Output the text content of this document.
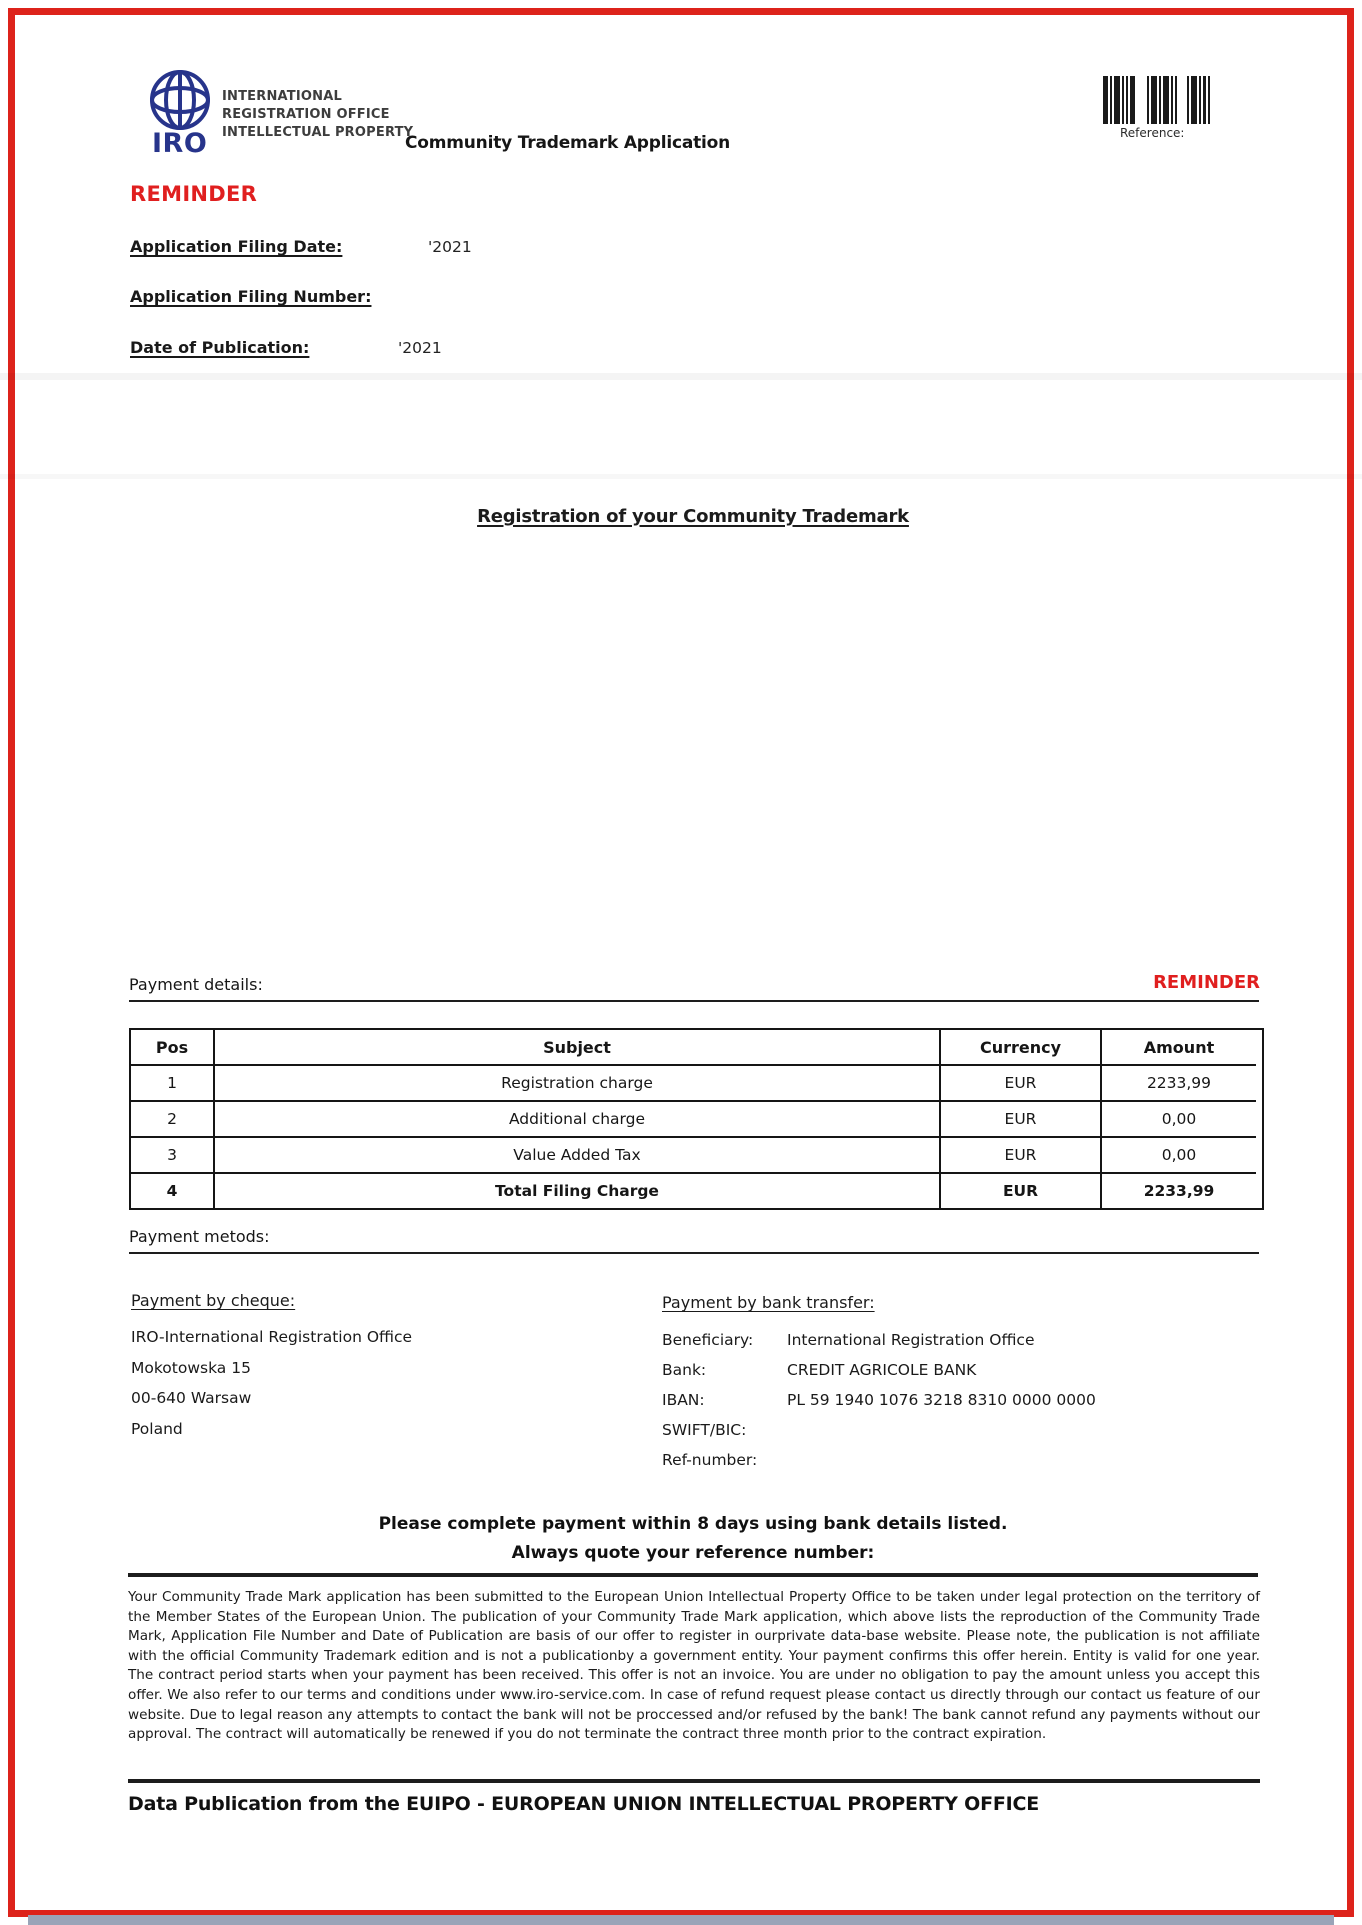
IRO
INTERNATIONAL
REGISTRATION OFFICE
INTELLECTUAL PROPERTY
Community Trademark Application	Reference:
REMINDER
Application Filing Date:	'2021
Application Filing Number:
Date of Publication:	'2021
Registration of your Community Trademark
Payment details:	REMINDER
Pos	Subject	Currency	Amount
1	Registration charge	EUR	2233,99
2	Additional charge	EUR	0,00
3	Value Added Tax	EUR	0,00
4	Total Filing Charge	EUR	2233,99
Payment metods:
Payment by cheque:
IRO-International Registration Office
Mokotowska 15
00-640 Warsaw
Poland
Payment by bank transfer:
Beneficiary:	International Registration Office
Bank:	CREDIT AGRICOLE BANK
IBAN:	PL 59 1940 1076 3218 8310 0000 0000
SWIFT/BIC:
Ref-number:
Please complete payment within 8 days using bank details listed.
Always quote your reference number:
Your Community Trade Mark application has been submitted to the European Union Intellectual Property Office to be taken under legal protection on the territory of the Member States of the European Union. The publication of your Community Trade Mark application, which above lists the reproduction of the Community Trade Mark, Application File Number and Date of Publication are basis of our offer to register in ourprivate data-base website. Please note, the publication is not affiliate with the official Community Trademark edition and is not a publicationby a government entity. Your payment confirms this offer herein. Entity is valid for one year. The contract period starts when your payment has been received. This offer is not an invoice. You are under no obligation to pay the amount unless you accept this offer. We also refer to our terms and conditions under www.iro-service.com. In case of refund request please contact us directly through our contact us feature of our website. Due to legal reason any attempts to contact the bank will not be proccessed and/or refused by the bank! The bank cannot refund any payments without our approval. The contract will automatically be renewed if you do not terminate the contract three month prior to the contract expiration.
Data Publication from the EUIPO - EUROPEAN UNION INTELLECTUAL PROPERTY OFFICE
